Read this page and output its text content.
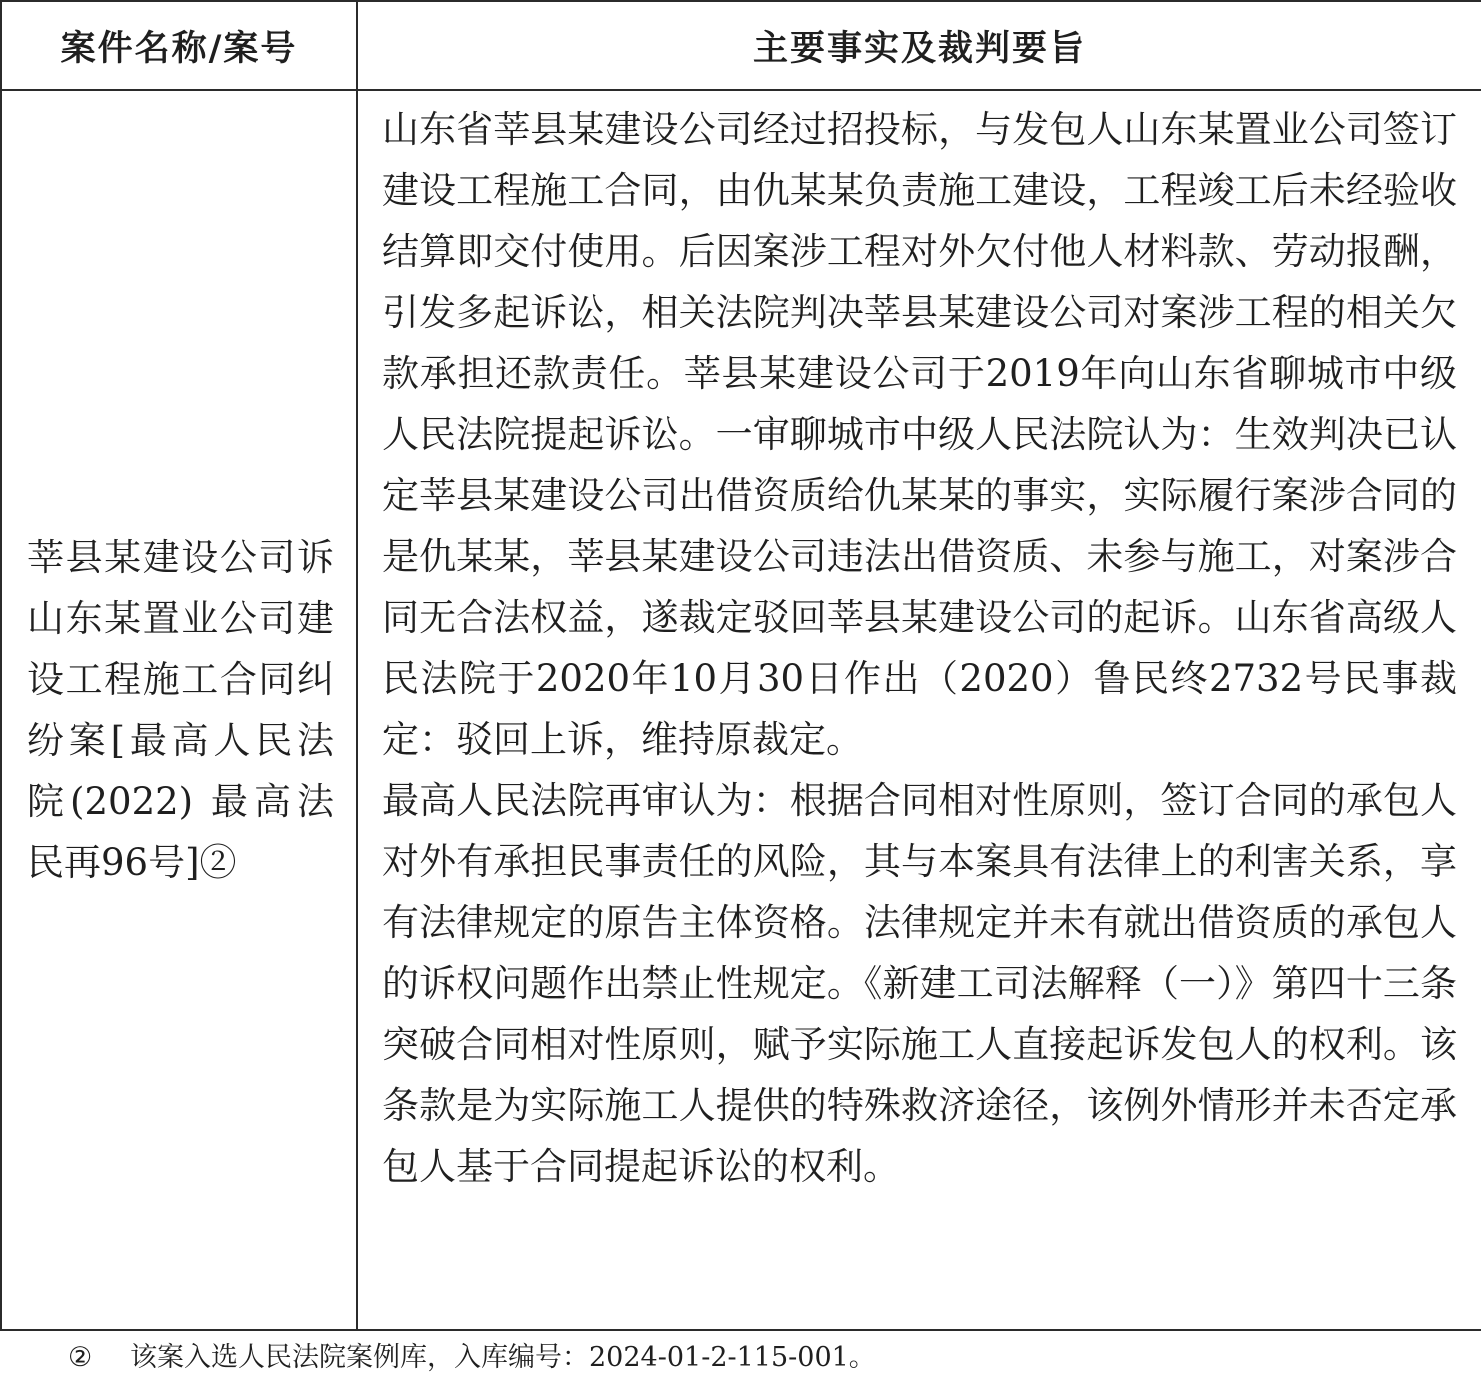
案件名称/案号	主要事实及裁判要旨

莘县某建设公司诉山东某置业公司建设工程施工合同纠纷案[最高人民法院(2022) 最高法民再96号]②	山东省莘县某建设公司经过招投标，与发包人山东某置业公司签订建设工程施工合同，由仇某某负责施工建设，工程竣工后未经验收结算即交付使用。后因案涉工程对外欠付他人材料款、劳动报酬，引发多起诉讼，相关法院判决莘县某建设公司对案涉工程的相关欠款承担还款责任。莘县某建设公司于2019年向山东省聊城市中级人民法院提起诉讼。一审聊城市中级人民法院认为：生效判决已认定莘县某建设公司出借资质给仇某某的事实，实际履行案涉合同的是仇某某，莘县某建设公司违法出借资质、未参与施工，对案涉合同无合法权益，遂裁定驳回莘县某建设公司的起诉。山东省高级人民法院于2020年10月30日作出（2020）鲁民终2732号民事裁定：驳回上诉，维持原裁定。

最高人民法院再审认为：根据合同相对性原则，签订合同的承包人对外有承担民事责任的风险，其与本案具有法律上的利害关系，享有法律规定的原告主体资格。法律规定并未有就出借资质的承包人的诉权问题作出禁止性规定。《新建工司法解释（一）》第四十三条突破合同相对性原则，赋予实际施工人直接起诉发包人的权利。该条款是为实际施工人提供的特殊救济途径，该例外情形并未否定承包人基于合同提起诉讼的权利。

② 该案入选人民法院案例库，入库编号：2024-01-2-115-001。
